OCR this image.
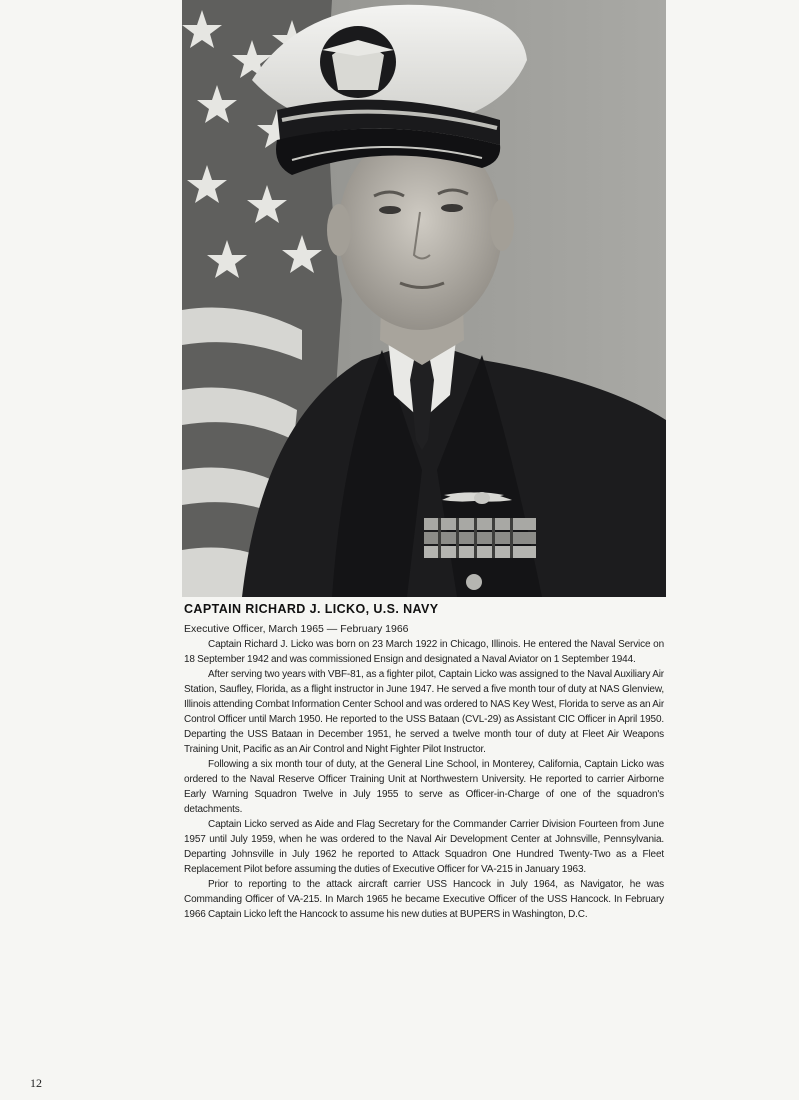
CAPTAIN RICHARD J. LICKO, U.S. NAVY
Executive Officer, March 1965 — February 1966

Captain Richard J. Licko was born on 23 March 1922 in Chicago, Illinois. He entered the Naval Service on 18 September 1942 and was commissioned Ensign and designated a Naval Aviator on 1 September 1944.

After serving two years with VBF-81, as a fighter pilot, Captain Licko was assigned to the Naval Auxiliary Air Station, Saufley, Florida, as a flight instructor in June 1947. He served a five month tour of duty at NAS Glenview, Illinois attending Combat Information Center School and was ordered to NAS Key West, Florida to serve as an Air Control Officer until March 1950. He reported to the USS Bataan (CVL-29) as Assistant CIC Officer in April 1950. Departing the USS Bataan in December 1951, he served a twelve month tour of duty at Fleet Air Weapons Training Unit, Pacific as an Air Control and Night Fighter Pilot Instructor.

Following a six month tour of duty, at the General Line School, in Monterey, California, Captain Licko was ordered to the Naval Reserve Officer Training Unit at Northwestern University. He reported to carrier Airborne Early Warning Squadron Twelve in July 1955 to serve as Officer-in-Charge of one of the squadron's detachments.

Captain Licko served as Aide and Flag Secretary for the Commander Carrier Division Fourteen from June 1957 until July 1959, when he was ordered to the Naval Air Development Center at Johnsville, Pennsylvania. Departing Johnsville in July 1962 he reported to Attack Squadron One Hundred Twenty-Two as a Fleet Replacement Pilot before assuming the duties of Executive Officer for VA-215 in January 1963.

Prior to reporting to the attack aircraft carrier USS Hancock in July 1964, as Navigator, he was Commanding Officer of VA-215. In March 1965 he became Executive Officer of the USS Hancock. In February 1966 Captain Licko left the Hancock to assume his new duties at BUPERS in Washington, D.C.

12
